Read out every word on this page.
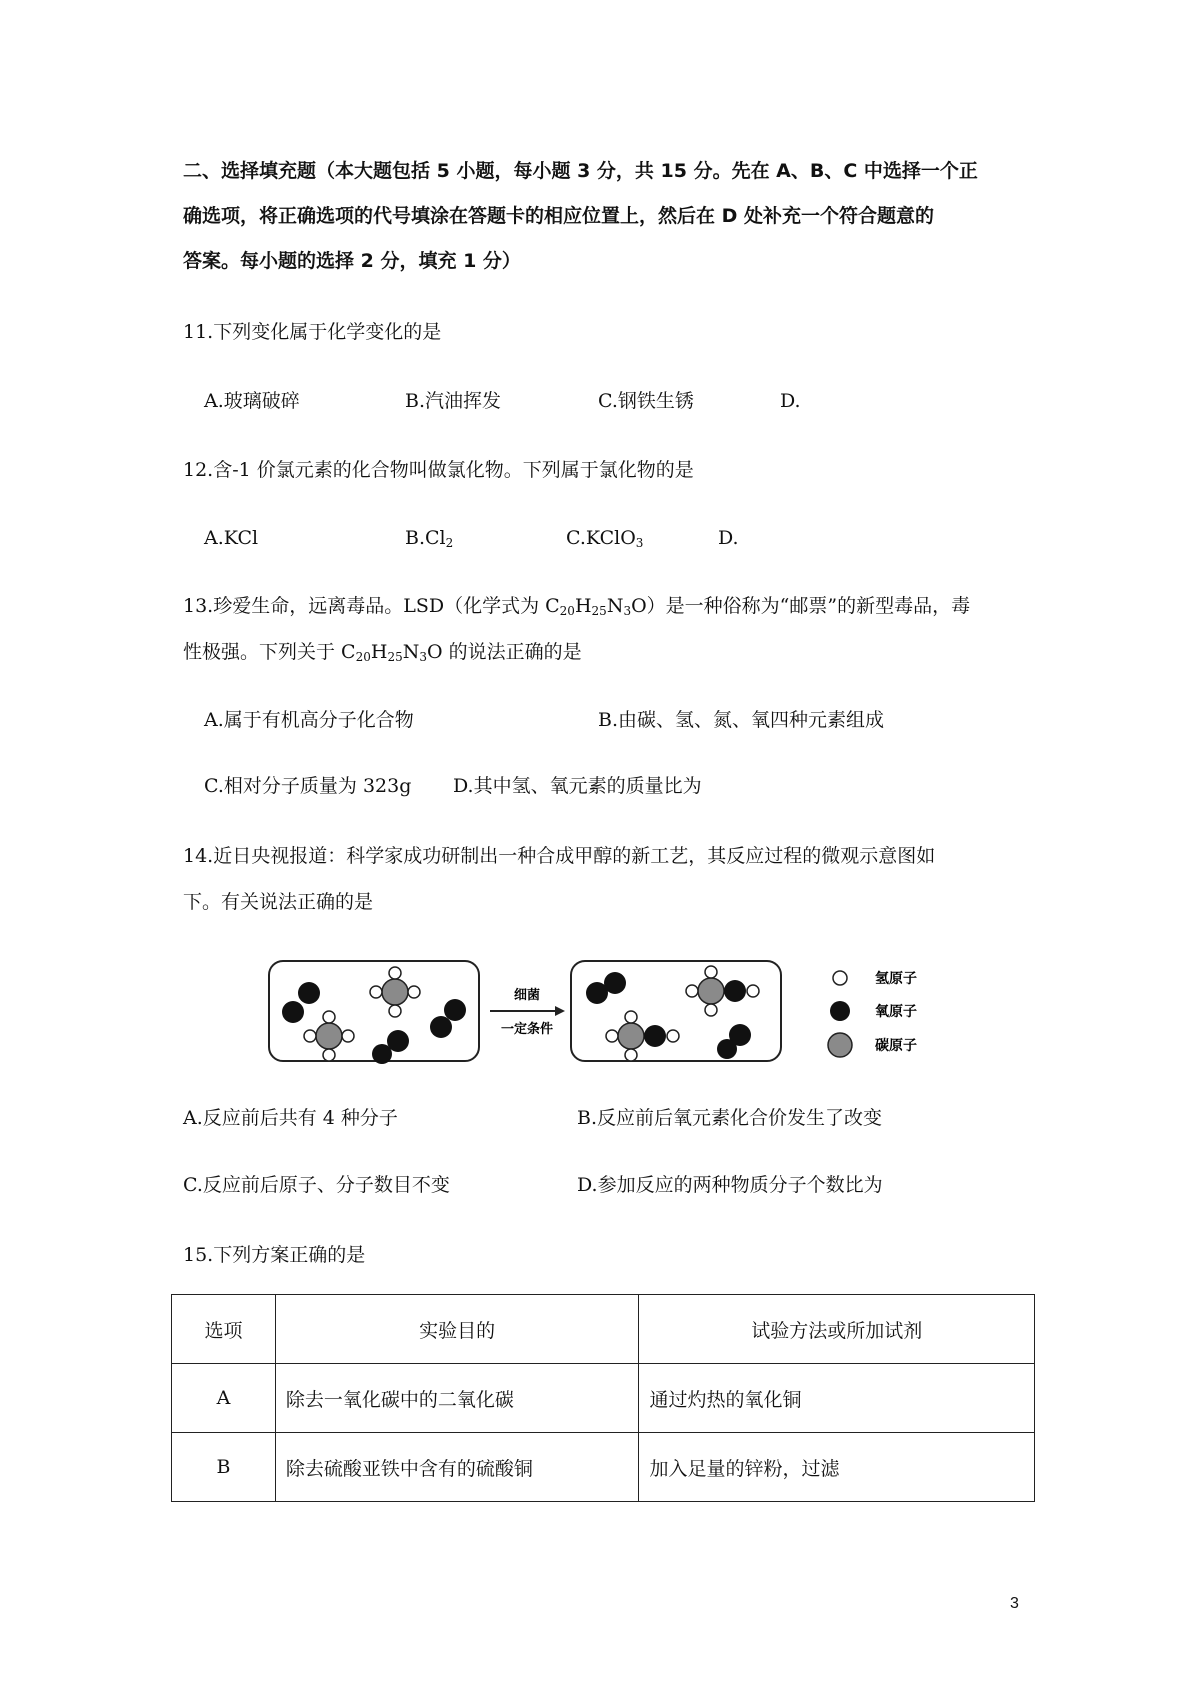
二、选择填充题（本大题包括 5 小题，每小题 3 分，共 15 分。先在 A、B、C 中选择一个正
确选项，将正确选项的代号填涂在答题卡的相应位置上，然后在 D 处补充一个符合题意的
答案。每小题的选择 2 分，填充 1 分）
11.下列变化属于化学变化的是
A.玻璃破碎	B.汽油挥发	C.钢铁生锈	D.
12.含-1 价氯元素的化合物叫做氯化物。下列属于氯化物的是
A.KCl	$B.Cl_2$	C.KClO$_3$	D.
13.珍爱生命，远离毒品。LSD（化学式为 $C_{20}H_{25}N_3O$）是一种俗称为“邮票”的新型毒品，毒
性极强。下列关于 $C_{20}H_{25}N_3O$ 的说法正确的是
A.属于有机高分子化合物	B.由碳、氢、氮、氧四种元素组成
C.相对分子质量为 323g D.其中氢、氧元素的质量比为
14.近日央视报道：科学家成功研制出一种合成甲醇的新工艺，其反应过程的微观示意图如
下。有关说法正确的是
细菌
一定条件
氢原子
氧原子
碳原子
A.反应前后共有 4 种分子	B.反应前后氧元素化合价发生了改变
C.反应前后原子、分子数目不变	D.参加反应的两种物质分子个数比为
15.下列方案正确的是
选项	实验目的	试验方法或所加试剂
A	除去一氧化碳中的二氧化碳	通过灼热的氧化铜
B	除去硫酸亚铁中含有的硫酸铜	加入足量的锌粉，过滤
3
